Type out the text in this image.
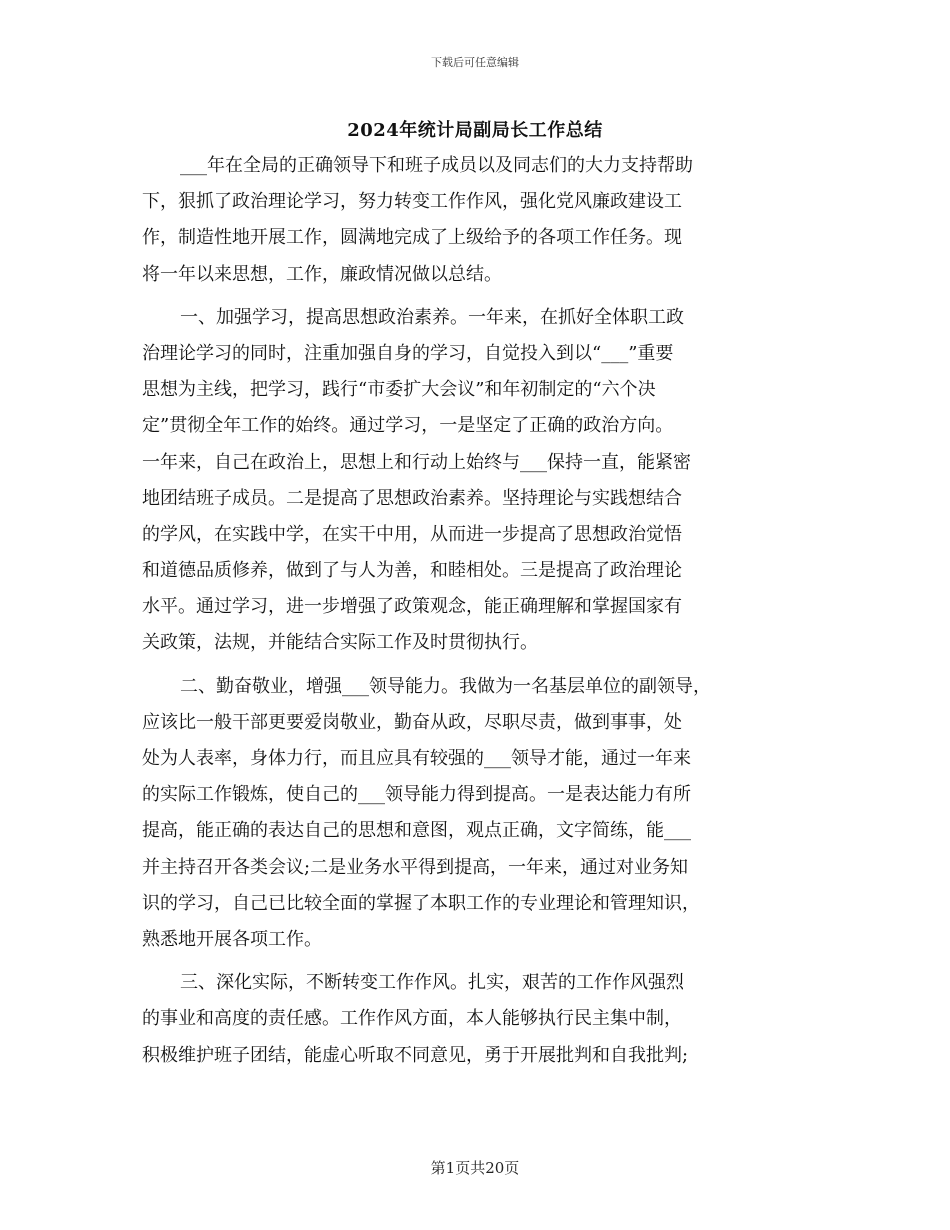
下载后可任意编辑
2024年统计局副局长工作总结
___年在全局的正确领导下和班子成员以及同志们的大力支持帮助
下，狠抓了政治理论学习，努力转变工作作风，强化党风廉政建设工
作，制造性地开展工作，圆满地完成了上级给予的各项工作任务。现
将一年以来思想，工作，廉政情况做以总结。
一、加强学习，提高思想政治素养。一年来，在抓好全体职工政
治理论学习的同时，注重加强自身的学习，自觉投入到以“___”重要
思想为主线，把学习，践行“市委扩大会议”和年初制定的“六个决
定”贯彻全年工作的始终。通过学习，一是坚定了正确的政治方向。
一年来，自己在政治上，思想上和行动上始终与___保持一直，能紧密
地团结班子成员。二是提高了思想政治素养。坚持理论与实践想结合
的学风，在实践中学，在实干中用，从而进一步提高了思想政治觉悟
和道德品质修养，做到了与人为善，和睦相处。三是提高了政治理论
水平。通过学习，进一步增强了政策观念，能正确理解和掌握国家有
关政策，法规，并能结合实际工作及时贯彻执行。
二、勤奋敬业，增强___领导能力。我做为一名基层单位的副领导，
应该比一般干部更要爱岗敬业，勤奋从政，尽职尽责，做到事事，处
处为人表率，身体力行，而且应具有较强的___领导才能，通过一年来
的实际工作锻炼，使自己的___领导能力得到提高。一是表达能力有所
提高，能正确的表达自己的思想和意图，观点正确，文字简练，能___
并主持召开各类会议;二是业务水平得到提高，一年来，通过对业务知
识的学习，自己已比较全面的掌握了本职工作的专业理论和管理知识，
熟悉地开展各项工作。
三、深化实际，不断转变工作作风。扎实，艰苦的工作作风强烈
的事业和高度的责任感。工作作风方面，本人能够执行民主集中制，
积极维护班子团结，能虚心听取不同意见，勇于开展批判和自我批判;
第1页共20页
